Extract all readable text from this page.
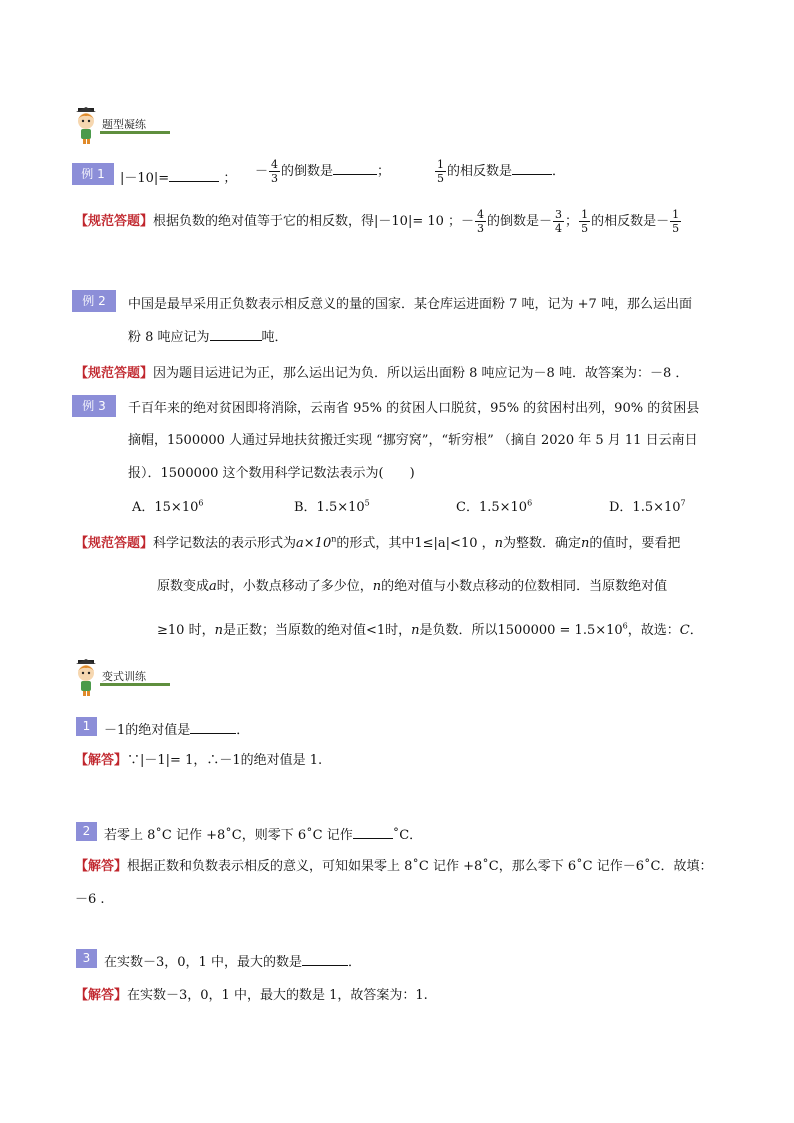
题型凝练
例 1	|－10|=	； － $\frac{4}{3}$ 的倒数是	；	$\frac{1}{5}$ 的相反数是	．
【规范答题】根据负数的绝对值等于它的相反数，得|－10|= 10 ；－ $\frac{4}{3}$ 的倒数是－ $\frac{3}{4}$ ； $\frac{1}{5}$ 的相反数是－ $\frac{1}{5}$
例 2	中国是最早采用正负数表示相反意义的量的国家．某仓库运进面粉 7 吨，记为 +7 吨，那么运出面
粉 8 吨应记为	吨．
【规范答题】因为题目运进记为正，那么运出记为负．所以运出面粉 8 吨应记为－8 吨．故答案为：－8 ．
例 3	千百年来的绝对贫困即将消除，云南省 95% 的贫困人口脱贫，95% 的贫困村出列，90% 的贫困县
摘帽，1500000 人通过异地扶贫搬迁实现 “挪穷窝”，“斩穷根” （摘自 2020 年 5 月 11 日云南日
报）．1500000 这个数用科学记数法表示为(　　)
A．$15\times 10^6$	B．$1.5\times 10^5$	C．$1.5\times 10^6$	D．$1.5\times 10^7$
【规范答题】科学记数法的表示形式为$a\times 10^n$的形式，其中1≤|a|<10 ，n为整数．确定n的值时，要看把
原数变成a时，小数点移动了多少位，n的绝对值与小数点移动的位数相同．当原数绝对值
≥10 时，n是正数；当原数的绝对值<1时，n是负数．所以$1500000 = 1.5\times 10^6$，故选：C．
变式训练
1	－1的绝对值是	．
【解答】∵|－1|= 1，∴－1的绝对值是 1.
2	若零上 8˚C 记作 +8˚C，则零下 6˚C 记作	˚C．
【解答】根据正数和负数表示相反的意义，可知如果零上 8˚C 记作 +8˚C，那么零下 6˚C 记作－6˚C．故填：
－6 .
3	在实数－3，0，1 中，最大的数是	．
【解答】在实数－3，0，1 中，最大的数是 1，故答案为：1.
